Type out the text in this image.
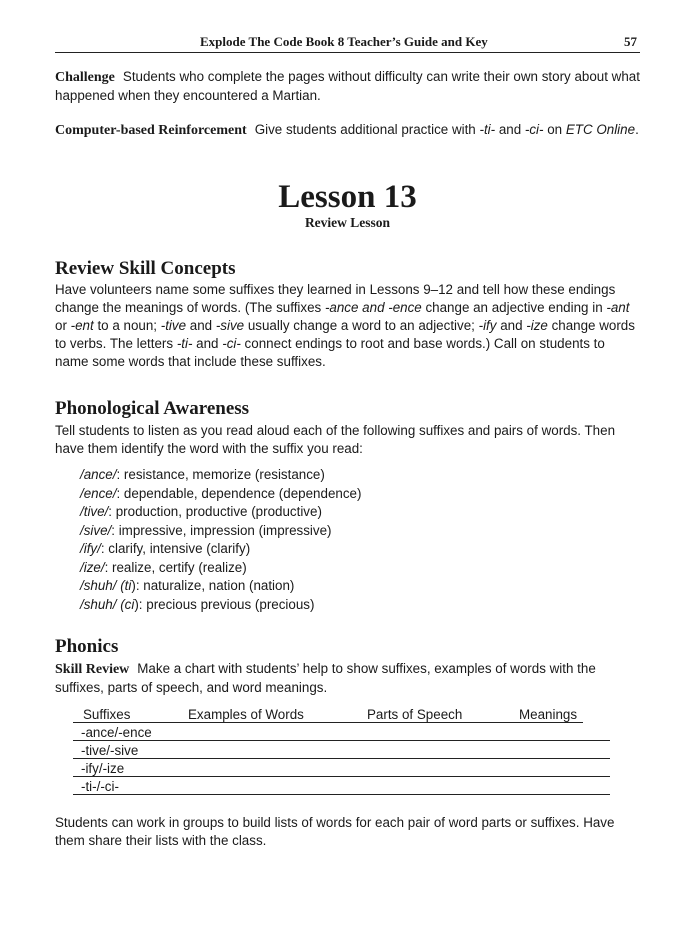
Explode The Code Book 8 Teacher’s Guide and Key	57

Challenge Students who complete the pages without difficulty can write their own story about what happened when they encountered a Martian.

Computer-based Reinforcement Give students additional practice with -ti- and -ci- on ETC Online.

Lesson 13
Review Lesson
Review Skill Concepts

Have volunteers name some suffixes they learned in Lessons 9–12 and tell how these endings change the meanings of words. (The suffixes -ance and -ence change an adjective ending in -ant or -ent to a noun; -tive and -sive usually change a word to an adjective; -ify and -ize change words to verbs. The letters -ti- and -ci- connect endings to root and base words.) Call on students to name some words that include these suffixes.

Phonological Awareness

Tell students to listen as you read aloud each of the following suffixes and pairs of words. Then have them identify the word with the suffix you read:

/ance/: resistance, memorize (resistance)
/ence/: dependable, dependence (dependence)
/tive/: production, productive (productive)
/sive/: impressive, impression (impressive)
/ify/: clarify, intensive (clarify)
/ize/: realize, certify (realize)
/shuh/ (ti): naturalize, nation (nation)
/shuh/ (ci): precious previous (precious)
Phonics

Skill Review Make a chart with students’ help to show suffixes, examples of words with the suffixes, parts of speech, and word meanings.

Suffixes	Examples of Words	Parts of Speech	Meanings
-ance/-ence
-tive/-sive
-ify/-ize
-ti-/-ci-

Students can work in groups to build lists of words for each pair of word parts or suffixes. Have them share their lists with the class.
